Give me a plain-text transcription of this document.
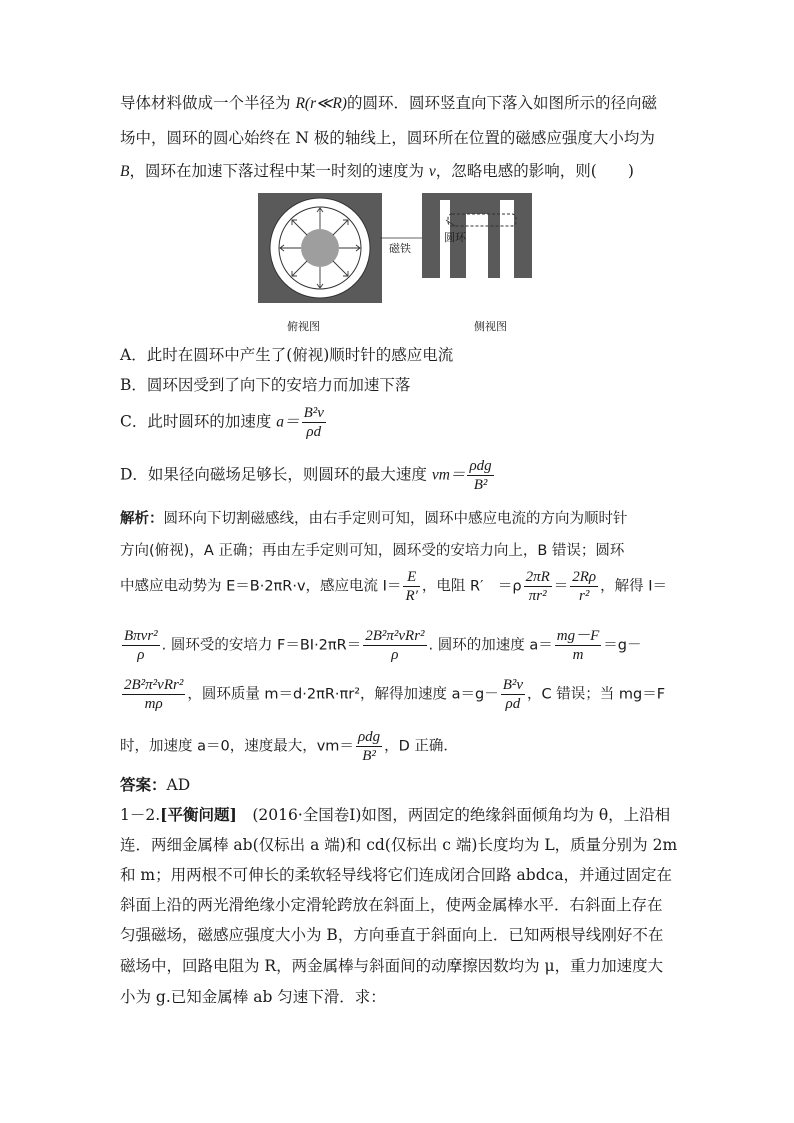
导体材料做成一个半径为 R(r≪R)的圆环．圆环竖直向下落入如图所示的径向磁
场中，圆环的圆心始终在 N 极的轴线上，圆环所在位置的磁感应强度大小均为
B，圆环在加速下落过程中某一时刻的速度为 v，忽略电感的影响，则(　　)
磁铁
圆环
俯视图	侧视图
A．此时在圆环中产生了(俯视)顺时针的感应电流
B．圆环因受到了向下的安培力而加速下落
C．此时圆环的加速度 $a= \frac{\text{B²v}}{\rho d}$
D．如果径向磁场足够长，则圆环的最大速度 $vm= \frac{\text{ρdg}}{\text{B²}}$
解析：圆环向下切割磁感线，由右手定则可知，圆环中感应电流的方向为顺时针
方向(俯视)，A 正确；再由左手定则可知，圆环受的安培力向上，B 错误；圆环
中感应电动势为 E＝B·2πR·v，感应电流 $I= \frac{E}{R'}$ ，电阻 R′　$=\rho \frac{2\pi R}{\text{πr²}} = \frac{2R\rho}{\text{r²}}$ ，解得 I＝
$\frac{\text{Bπvr²}}{\rho}$ . 圆环受的安培力 $F=BI\cdot 2\pi R= \frac{\text{2B²π²vRr²}}{\rho}$ . 圆环的加速度 $a= \frac{mg-F}{m} =g-$
$\frac{\text{2B²π²vRr²}}{m\rho}$ ，圆环质量 m＝d·2πR·πr²，解得加速度 $a=g- \frac{\text{B²v}}{\rho d}$ ，C 错误；当 mg＝F
时，加速度 a＝0，速度最大，$vm= \frac{\text{ρdg}}{\text{B²}}$ ，D 正确．
答案：AD
1－2.[平衡问题]　(2016·全国卷Ⅰ)如图，两固定的绝缘斜面倾角均为 θ，上沿相
连．两细金属棒 ab(仅标出 a 端)和 cd(仅标出 c 端)长度均为 L，质量分别为 2m
和 m；用两根不可伸长的柔软轻导线将它们连成闭合回路 abdca，并通过固定在
斜面上沿的两光滑绝缘小定滑轮跨放在斜面上，使两金属棒水平．右斜面上存在
匀强磁场，磁感应强度大小为 B，方向垂直于斜面向上．已知两根导线刚好不在
磁场中，回路电阻为 R，两金属棒与斜面间的动摩擦因数均为 μ，重力加速度大
小为 g.已知金属棒 ab 匀速下滑．求：
